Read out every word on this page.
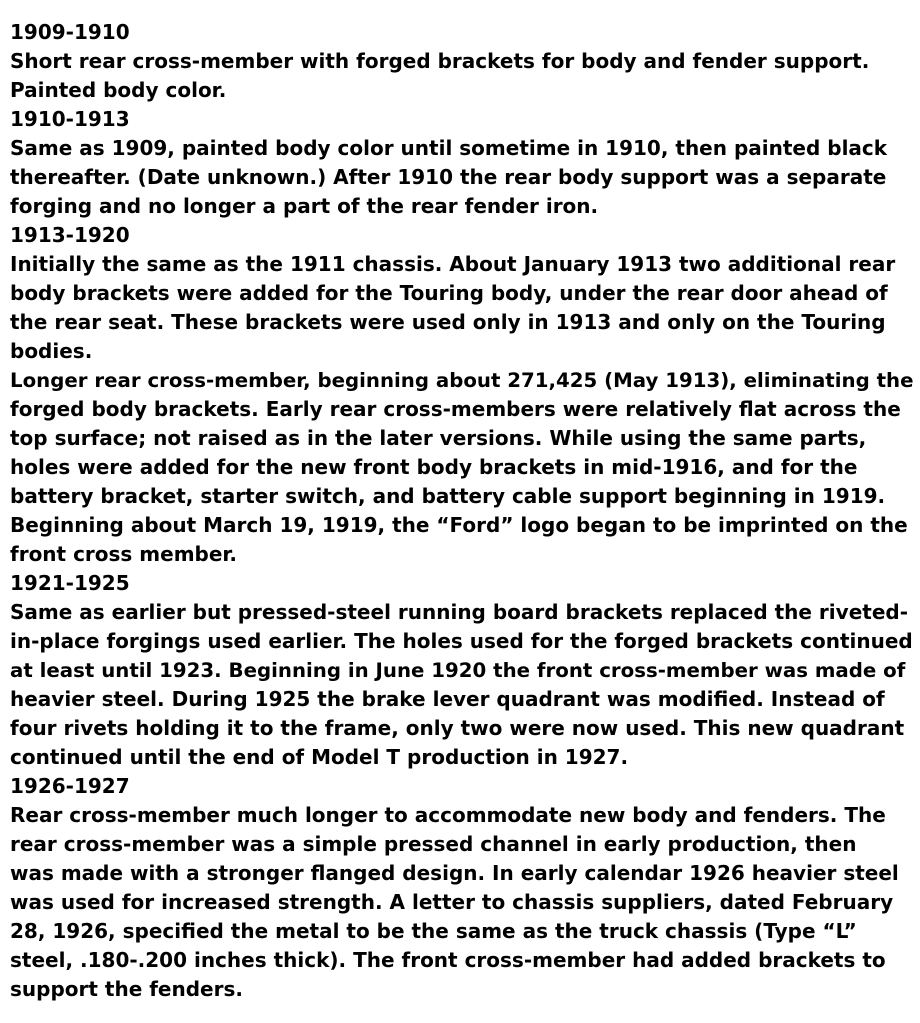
1909-1910
Short rear cross-member with forged brackets for body and fender support.
Painted body color.
1910-1913
Same as 1909, painted body color until sometime in 1910, then painted black
thereafter. (Date unknown.) After 1910 the rear body support was a separate
forging and no longer a part of the rear fender iron.
1913-1920
Initially the same as the 1911 chassis. About January 1913 two additional rear
body brackets were added for the Touring body, under the rear door ahead of
the rear seat. These brackets were used only in 1913 and only on the Touring
bodies.
Longer rear cross-member, beginning about 271,425 (May 1913), eliminating the
forged body brackets. Early rear cross-members were relatively flat across the
top surface; not raised as in the later versions. While using the same parts,
holes were added for the new front body brackets in mid-1916, and for the
battery bracket, starter switch, and battery cable support beginning in 1919.
Beginning about March 19, 1919, the “Ford” logo began to be imprinted on the
front cross member.
1921-1925
Same as earlier but pressed-steel running board brackets replaced the riveted-
in-place forgings used earlier. The holes used for the forged brackets continued
at least until 1923. Beginning in June 1920 the front cross-member was made of
heavier steel. During 1925 the brake lever quadrant was modified. Instead of
four rivets holding it to the frame, only two were now used. This new quadrant
continued until the end of Model T production in 1927.
1926-1927
Rear cross-member much longer to accommodate new body and fenders. The
rear cross-member was a simple pressed channel in early production, then
was made with a stronger flanged design. In early calendar 1926 heavier steel
was used for increased strength. A letter to chassis suppliers, dated February
28, 1926, specified the metal to be the same as the truck chassis (Type “L”
steel, .180-.200 inches thick). The front cross-member had added brackets to
support the fenders.
